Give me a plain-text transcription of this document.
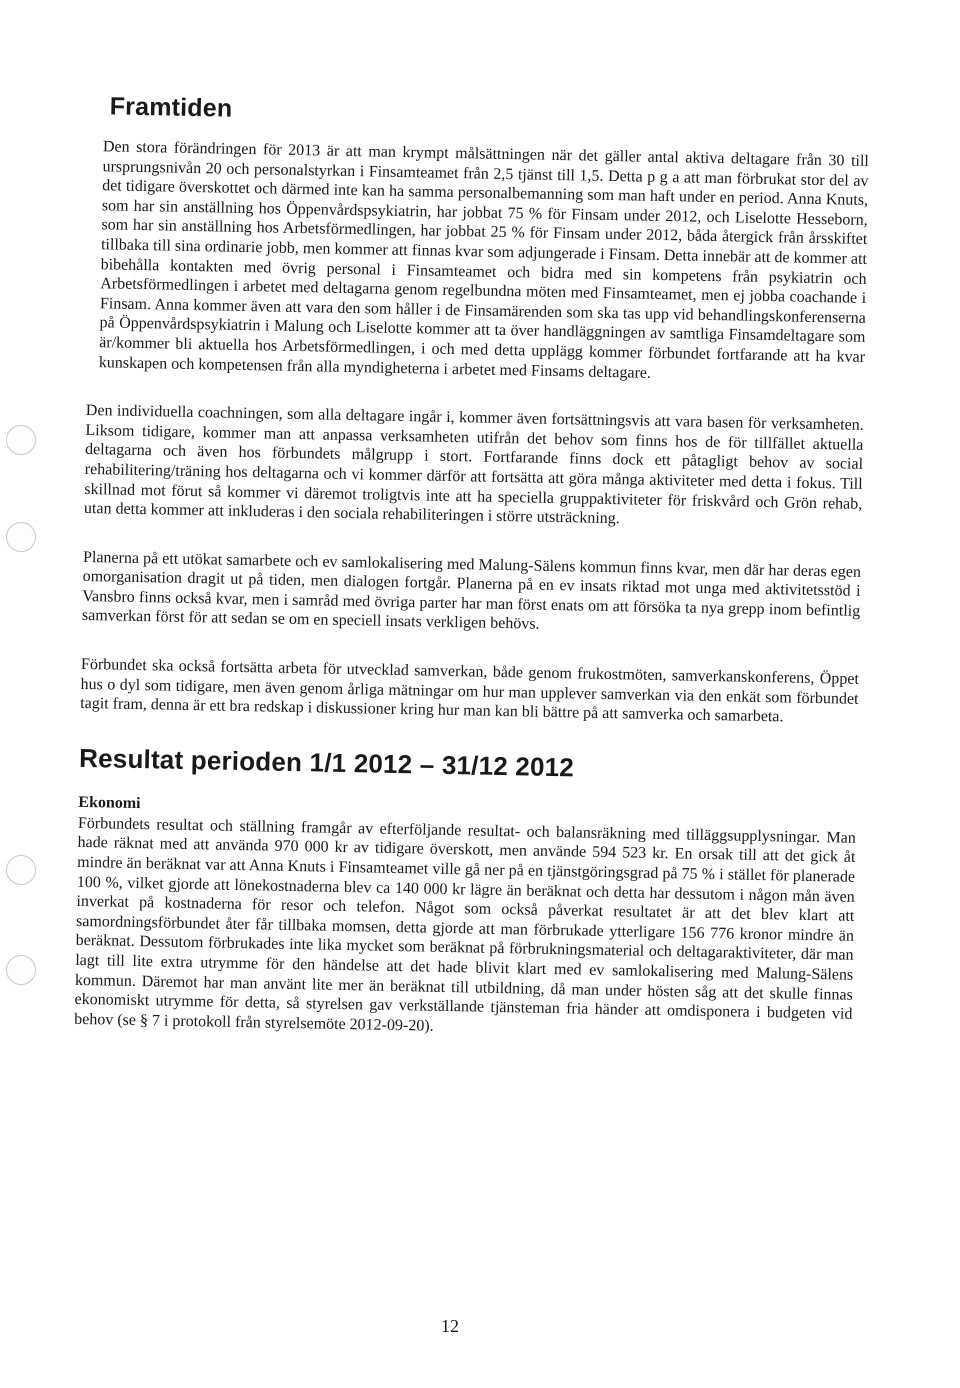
Framtiden

Den stora förändringen för 2013 är att man krympt målsättningen när det gäller antal aktiva deltagare från 30 till ursprungsnivån 20 och personalstyrkan i Finsamteamet från 2,5 tjänst till 1,5. Detta p g a att man förbrukat stor del av det tidigare överskottet och därmed inte kan ha samma personalbemanning som man haft under en period. Anna Knuts, som har sin anställning hos Öppenvårdspsykiatrin, har jobbat 75 % för Finsam under 2012, och Liselotte Hesseborn, som har sin anställning hos Arbetsförmedlingen, har jobbat 25 % för Finsam under 2012, båda återgick från årsskiftet tillbaka till sina ordinarie jobb, men kommer att finnas kvar som adjungerade i Finsam. Detta innebär att de kommer att bibehålla kontakten med övrig personal i Finsamteamet och bidra med sin kompetens från psykiatrin och Arbetsförmedlingen i arbetet med deltagarna genom regelbundna möten med Finsamteamet, men ej jobba coachande i Finsam. Anna kommer även att vara den som håller i de Finsamärenden som ska tas upp vid behandlingskonferenserna på Öppenvårdspsykiatrin i Malung och Liselotte kommer att ta över handläggningen av samtliga Finsamdeltagare som är/kommer bli aktuella hos Arbetsförmedlingen, i och med detta upplägg kommer förbundet fortfarande att ha kvar kunskapen och kompetensen från alla myndigheterna i arbetet med Finsams deltagare.

Den individuella coachningen, som alla deltagare ingår i, kommer även fortsättningsvis att vara basen för verksamheten. Liksom tidigare, kommer man att anpassa verksamheten utifrån det behov som finns hos de för tillfället aktuella deltagarna och även hos förbundets målgrupp i stort. Fortfarande finns dock ett påtagligt behov av social rehabilitering/träning hos deltagarna och vi kommer därför att fortsätta att göra många aktiviteter med detta i fokus. Till skillnad mot förut så kommer vi däremot troligtvis inte att ha speciella gruppaktiviteter för friskvård och Grön rehab, utan detta kommer att inkluderas i den sociala rehabiliteringen i större utsträckning.

Planerna på ett utökat samarbete och ev samlokalisering med Malung-Sälens kommun finns kvar, men där har deras egen omorganisation dragit ut på tiden, men dialogen fortgår. Planerna på en ev insats riktad mot unga med aktivitetsstöd i Vansbro finns också kvar, men i samråd med övriga parter har man först enats om att försöka ta nya grepp inom befintlig samverkan först för att sedan se om en speciell insats verkligen behövs.

Förbundet ska också fortsätta arbeta för utvecklad samverkan, både genom frukostmöten, samverkanskonferens, Öppet hus o dyl som tidigare, men även genom årliga mätningar om hur man upplever samverkan via den enkät som förbundet tagit fram, denna är ett bra redskap i diskussioner kring hur man kan bli bättre på att samverka och samarbeta.

Resultat perioden 1/1 2012 – 31/12 2012
Ekonomi

Förbundets resultat och ställning framgår av efterföljande resultat- och balansräkning med tilläggsupplysningar. Man hade räknat med att använda 970 000 kr av tidigare överskott, men använde 594 523 kr. En orsak till att det gick åt mindre än beräknat var att Anna Knuts i Finsamteamet ville gå ner på en tjänstgöringsgrad på 75 % i stället för planerade 100 %, vilket gjorde att lönekostnaderna blev ca 140 000 kr lägre än beräknat och detta har dessutom i någon mån även inverkat på kostnaderna för resor och telefon. Något som också påverkat resultatet är att det blev klart att samordningsförbundet åter får tillbaka momsen, detta gjorde att man förbrukade ytterligare 156 776 kronor mindre än beräknat. Dessutom förbrukades inte lika mycket som beräknat på förbrukningsmaterial och deltagaraktiviteter, där man lagt till lite extra utrymme för den händelse att det hade blivit klart med ev samlokalisering med Malung-Sälens kommun. Däremot har man använt lite mer än beräknat till utbildning, då man under hösten såg att det skulle finnas ekonomiskt utrymme för detta, så styrelsen gav verkställande tjänsteman fria händer att omdisponera i budgeten vid behov (se § 7 i protokoll från styrelsemöte 2012-09-20).

12
